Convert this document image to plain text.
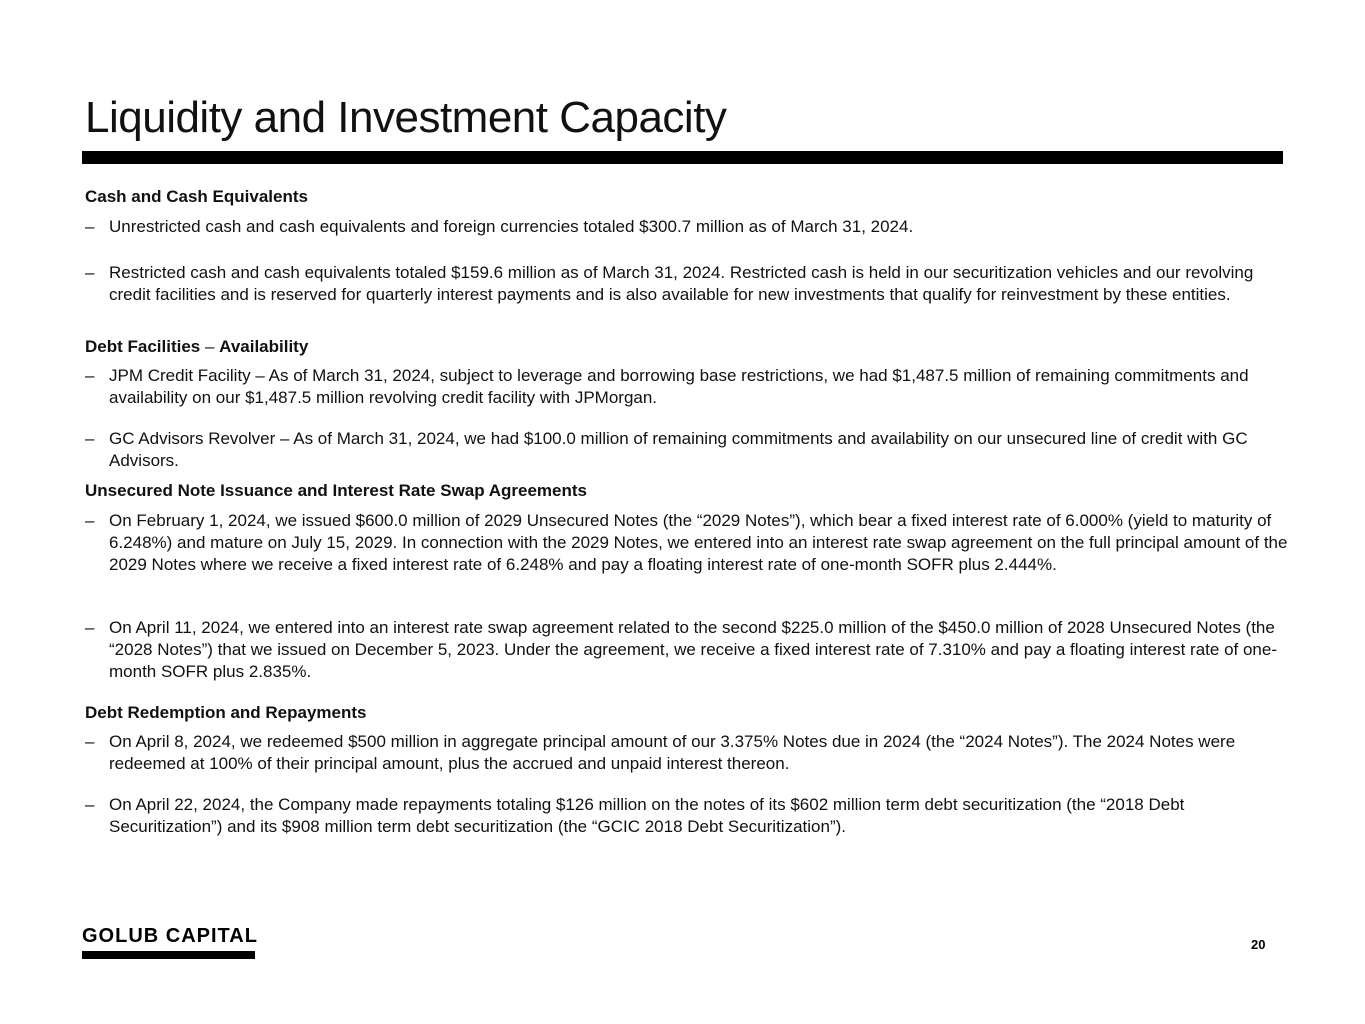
Liquidity and Investment Capacity
Cash and Cash Equivalents
– Unrestricted cash and cash equivalents and foreign currencies totaled $300.7 million as of March 31, 2024.
– Restricted cash and cash equivalents totaled $159.6 million as of March 31, 2024. Restricted cash is held in our securitization vehicles and our revolving credit facilities and is reserved for quarterly interest payments and is also available for new investments that qualify for reinvestment by these entities.
Debt Facilities – Availability
– JPM Credit Facility – As of March 31, 2024, subject to leverage and borrowing base restrictions, we had $1,487.5 million of remaining commitments and availability on our $1,487.5 million revolving credit facility with JPMorgan.
– GC Advisors Revolver – As of March 31, 2024, we had $100.0 million of remaining commitments and availability on our unsecured line of credit with GC Advisors.
Unsecured Note Issuance and Interest Rate Swap Agreements
– On February 1, 2024, we issued $600.0 million of 2029 Unsecured Notes (the “2029 Notes”), which bear a fixed interest rate of 6.000% (yield to maturity of 6.248%) and mature on July 15, 2029. In connection with the 2029 Notes, we entered into an interest rate swap agreement on the full principal amount of the 2029 Notes where we receive a fixed interest rate of 6.248% and pay a floating interest rate of one-month SOFR plus 2.444%.
– On April 11, 2024, we entered into an interest rate swap agreement related to the second $225.0 million of the $450.0 million of 2028 Unsecured Notes (the “2028 Notes”) that we issued on December 5, 2023. Under the agreement, we receive a fixed interest rate of 7.310% and pay a floating interest rate of one-month SOFR plus 2.835%.
Debt Redemption and Repayments
– On April 8, 2024, we redeemed $500 million in aggregate principal amount of our 3.375% Notes due in 2024 (the “2024 Notes”). The 2024 Notes were redeemed at 100% of their principal amount, plus the accrued and unpaid interest thereon.
– On April 22, 2024, the Company made repayments totaling $126 million on the notes of its $602 million term debt securitization (the “2018 Debt Securitization”) and its $908 million term debt securitization (the “GCIC 2018 Debt Securitization”).
GOLUB CAPITAL	20
